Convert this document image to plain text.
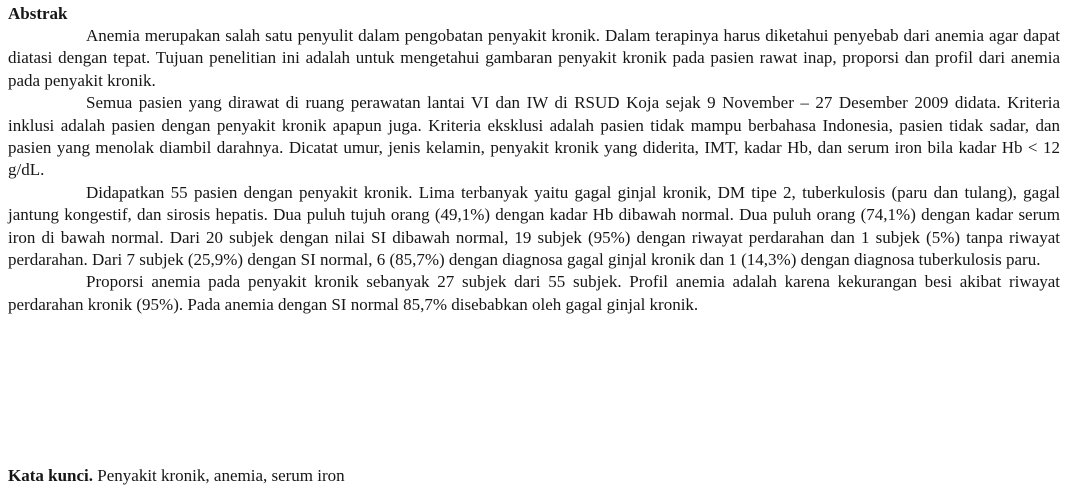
Abstrak

Anemia merupakan salah satu penyulit dalam pengobatan penyakit kronik. Dalam terapinya harus diketahui penyebab dari anemia agar dapat diatasi dengan tepat. Tujuan penelitian ini adalah untuk mengetahui gambaran penyakit kronik pada pasien rawat inap, proporsi dan profil dari anemia pada penyakit kronik.

Semua pasien yang dirawat di ruang perawatan lantai VI dan IW di RSUD Koja sejak 9 November – 27 Desember 2009 didata. Kriteria inklusi adalah pasien dengan penyakit kronik apapun juga. Kriteria eksklusi adalah pasien tidak mampu berbahasa Indonesia, pasien tidak sadar, dan pasien yang menolak diambil darahnya. Dicatat umur, jenis kelamin, penyakit kronik yang diderita, IMT, kadar Hb, dan serum iron bila kadar Hb < 12 g/dL.

Didapatkan 55 pasien dengan penyakit kronik. Lima terbanyak yaitu gagal ginjal kronik, DM tipe 2, tuberkulosis (paru dan tulang), gagal jantung kongestif, dan sirosis hepatis. Dua puluh tujuh orang (49,1%) dengan kadar Hb dibawah normal. Dua puluh orang (74,1%) dengan kadar serum iron di bawah normal. Dari 20 subjek dengan nilai SI dibawah normal, 19 subjek (95%) dengan riwayat perdarahan dan 1 subjek (5%) tanpa riwayat perdarahan. Dari 7 subjek (25,9%) dengan SI normal, 6 (85,7%) dengan diagnosa gagal ginjal kronik dan 1 (14,3%) dengan diagnosa tuberkulosis paru.

Proporsi anemia pada penyakit kronik sebanyak 27 subjek dari 55 subjek. Profil anemia adalah karena kekurangan besi akibat riwayat perdarahan kronik (95%). Pada anemia dengan SI normal 85,7% disebabkan oleh gagal ginjal kronik.

Kata kunci. Penyakit kronik, anemia, serum iron
